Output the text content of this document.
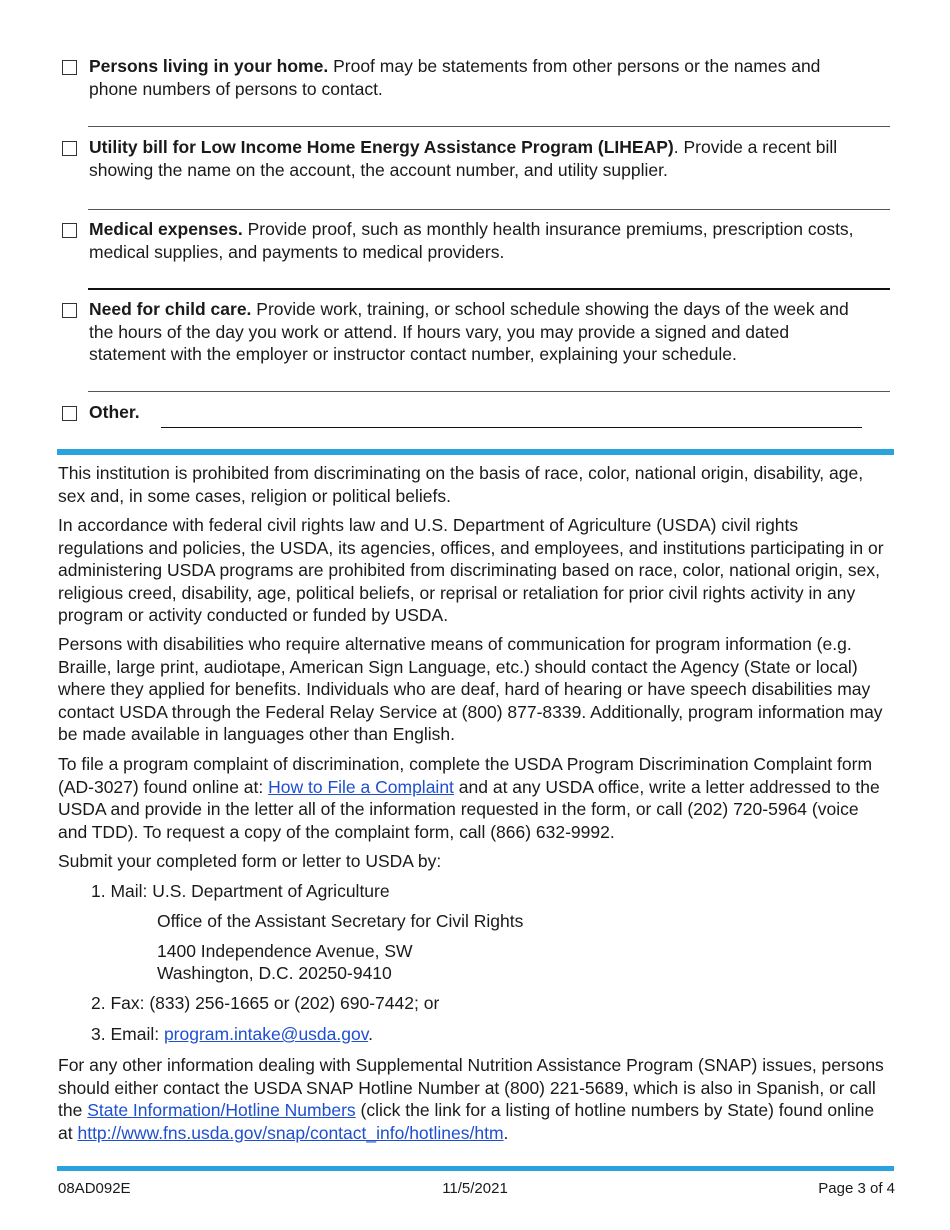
Persons living in your home. Proof may be statements from other persons or the names and phone numbers of persons to contact.
Utility bill for Low Income Home Energy Assistance Program (LIHEAP). Provide a recent bill showing the name on the account, the account number, and utility supplier.
Medical expenses. Provide proof, such as monthly health insurance premiums, prescription costs, medical supplies, and payments to medical providers.
Need for child care. Provide work, training, or school schedule showing the days of the week and the hours of the day you work or attend. If hours vary, you may provide a signed and dated statement with the employer or instructor contact number, explaining your schedule.
Other.

This institution is prohibited from discriminating on the basis of race, color, national origin, disability, age, sex and, in some cases, religion or political beliefs.

In accordance with federal civil rights law and U.S. Department of Agriculture (USDA) civil rights regulations and policies, the USDA, its agencies, offices, and employees, and institutions participating in or administering USDA programs are prohibited from discriminating based on race, color, national origin, sex, religious creed, disability, age, political beliefs, or reprisal or retaliation for prior civil rights activity in any program or activity conducted or funded by USDA.

Persons with disabilities who require alternative means of communication for program information (e.g. Braille, large print, audiotape, American Sign Language, etc.) should contact the Agency (State or local) where they applied for benefits. Individuals who are deaf, hard of hearing or have speech disabilities may contact USDA through the Federal Relay Service at (800) 877-8339. Additionally, program information may be made available in languages other than English.

To file a program complaint of discrimination, complete the USDA Program Discrimination Complaint form (AD-3027) found online at: How to File a Complaint and at any USDA office, write a letter addressed to the USDA and provide in the letter all of the information requested in the form, or call (202) 720-5964 (voice and TDD). To request a copy of the complaint form, call (866) 632-9992.

Submit your completed form or letter to USDA by:

1. Mail: U.S. Department of Agriculture
Office of the Assistant Secretary for Civil Rights
1400 Independence Avenue, SW
Washington, D.C. 20250-9410
2. Fax: (833) 256-1665 or (202) 690-7442; or
3. Email: program.intake@usda.gov.

For any other information dealing with Supplemental Nutrition Assistance Program (SNAP) issues, persons should either contact the USDA SNAP Hotline Number at (800) 221-5689, which is also in Spanish, or call the State Information/Hotline Numbers (click the link for a listing of hotline numbers by State) found online at http://www.fns.usda.gov/snap/contact_info/hotlines/htm.

08AD092E	11/5/2021	Page 3 of 4
